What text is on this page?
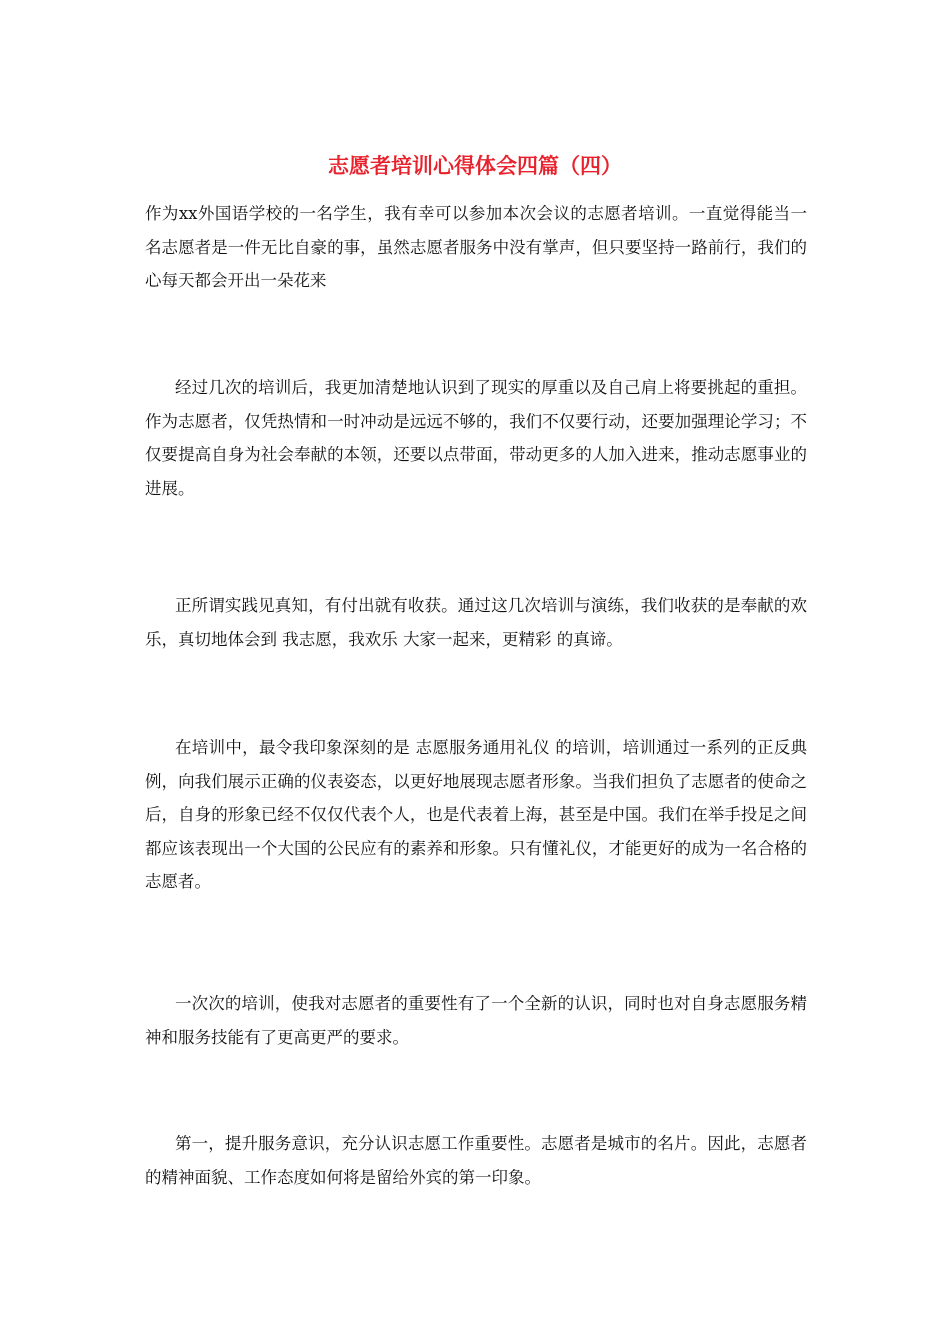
志愿者培训心得体会四篇（四）

作为xx外国语学校的一名学生，我有幸可以参加本次会议的志愿者培训。一直觉得能当一名志愿者是一件无比自豪的事，虽然志愿者服务中没有掌声，但只要坚持一路前行，我们的心每天都会开出一朵花来

经过几次的培训后，我更加清楚地认识到了现实的厚重以及自己肩上将要挑起的重担。作为志愿者，仅凭热情和一时冲动是远远不够的，我们不仅要行动，还要加强理论学习；不仅要提高自身为社会奉献的本领，还要以点带面，带动更多的人加入进来，推动志愿事业的进展。

正所谓实践见真知，有付出就有收获。通过这几次培训与演练，我们收获的是奉献的欢乐，真切地体会到 我志愿，我欢乐 大家一起来，更精彩 的真谛。

在培训中，最令我印象深刻的是 志愿服务通用礼仪 的培训，培训通过一系列的正反典例，向我们展示正确的仪表姿态，以更好地展现志愿者形象。当我们担负了志愿者的使命之后，自身的形象已经不仅仅代表个人，也是代表着上海，甚至是中国。我们在举手投足之间都应该表现出一个大国的公民应有的素养和形象。只有懂礼仪，才能更好的成为一名合格的志愿者。

一次次的培训，使我对志愿者的重要性有了一个全新的认识，同时也对自身志愿服务精神和服务技能有了更高更严的要求。

第一，提升服务意识，充分认识志愿工作重要性。志愿者是城市的名片。因此，志愿者的精神面貌、工作态度如何将是留给外宾的第一印象。
